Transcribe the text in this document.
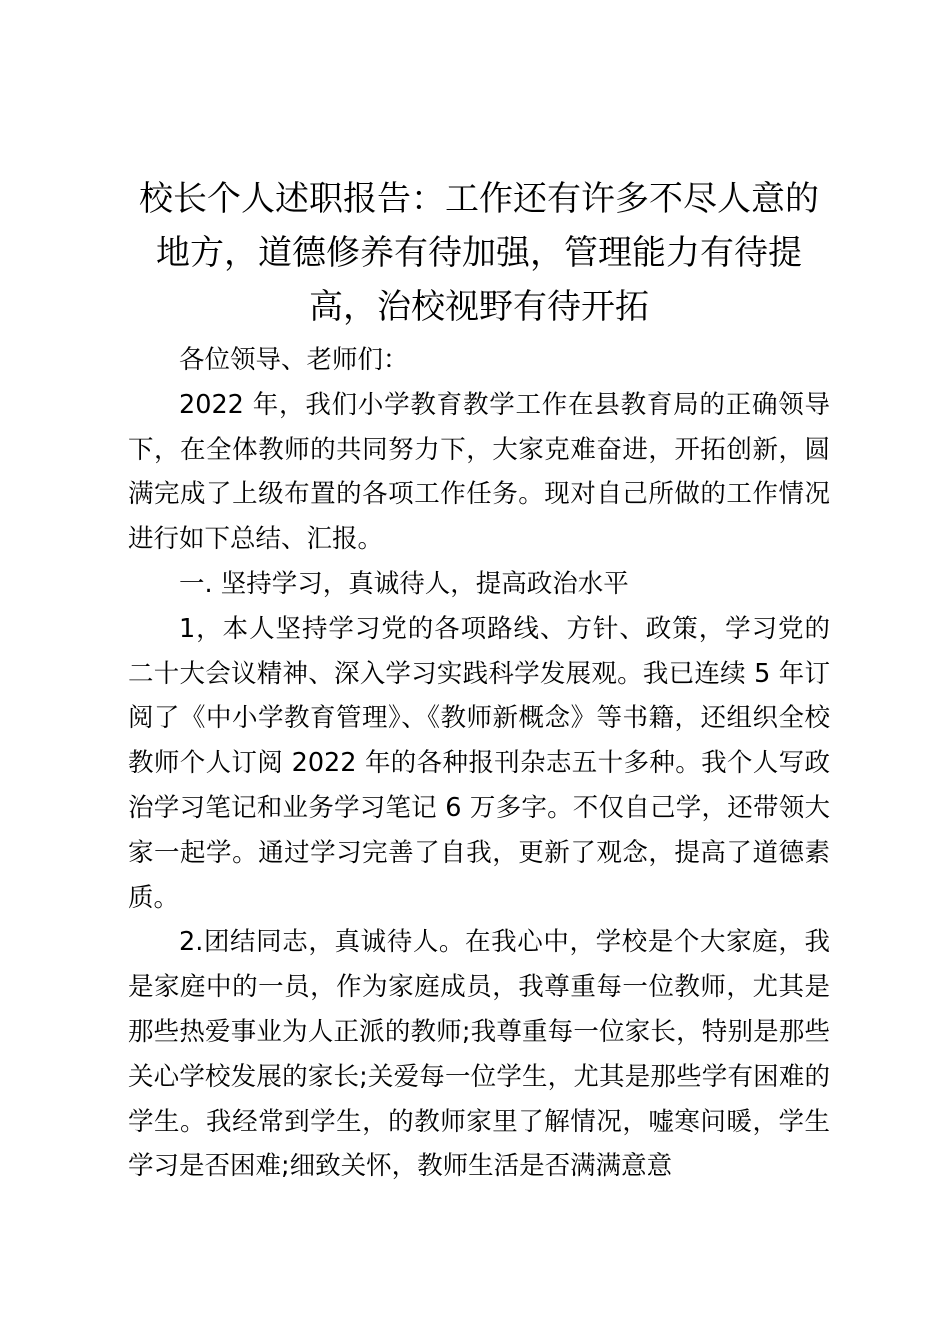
校长个人述职报告：工作还有许多不尽人意的地方，道德修养有待加强，管理能力有待提高，治校视野有待开拓

各位领导、老师们：

2022 年，我们小学教育教学工作在县教育局的正确领导下，在全体教师的共同努力下，大家克难奋进，开拓创新，圆满完成了上级布置的各项工作任务。现对自己所做的工作情况进行如下总结、汇报。

一. 坚持学习，真诚待人，提高政治水平

1，本人坚持学习党的各项路线、方针、政策，学习党的二十大会议精神、深入学习实践科学发展观。我已连续 5 年订阅了《中小学教育管理》、《教师新概念》等书籍，还组织全校教师个人订阅 2022 年的各种报刊杂志五十多种。我个人写政治学习笔记和业务学习笔记 6 万多字。不仅自己学，还带领大家一起学。通过学习完善了自我，更新了观念，提高了道德素质。

2.团结同志，真诚待人。在我心中，学校是个大家庭，我是家庭中的一员，作为家庭成员，我尊重每一位教师，尤其是那些热爱事业为人正派的教师;我尊重每一位家长，特别是那些关心学校发展的家长;关爱每一位学生，尤其是那些学有困难的学生。我经常到学生，的教师家里了解情况，嘘寒问暖，学生学习是否困难;细致关怀，教师生活是否满满意意
